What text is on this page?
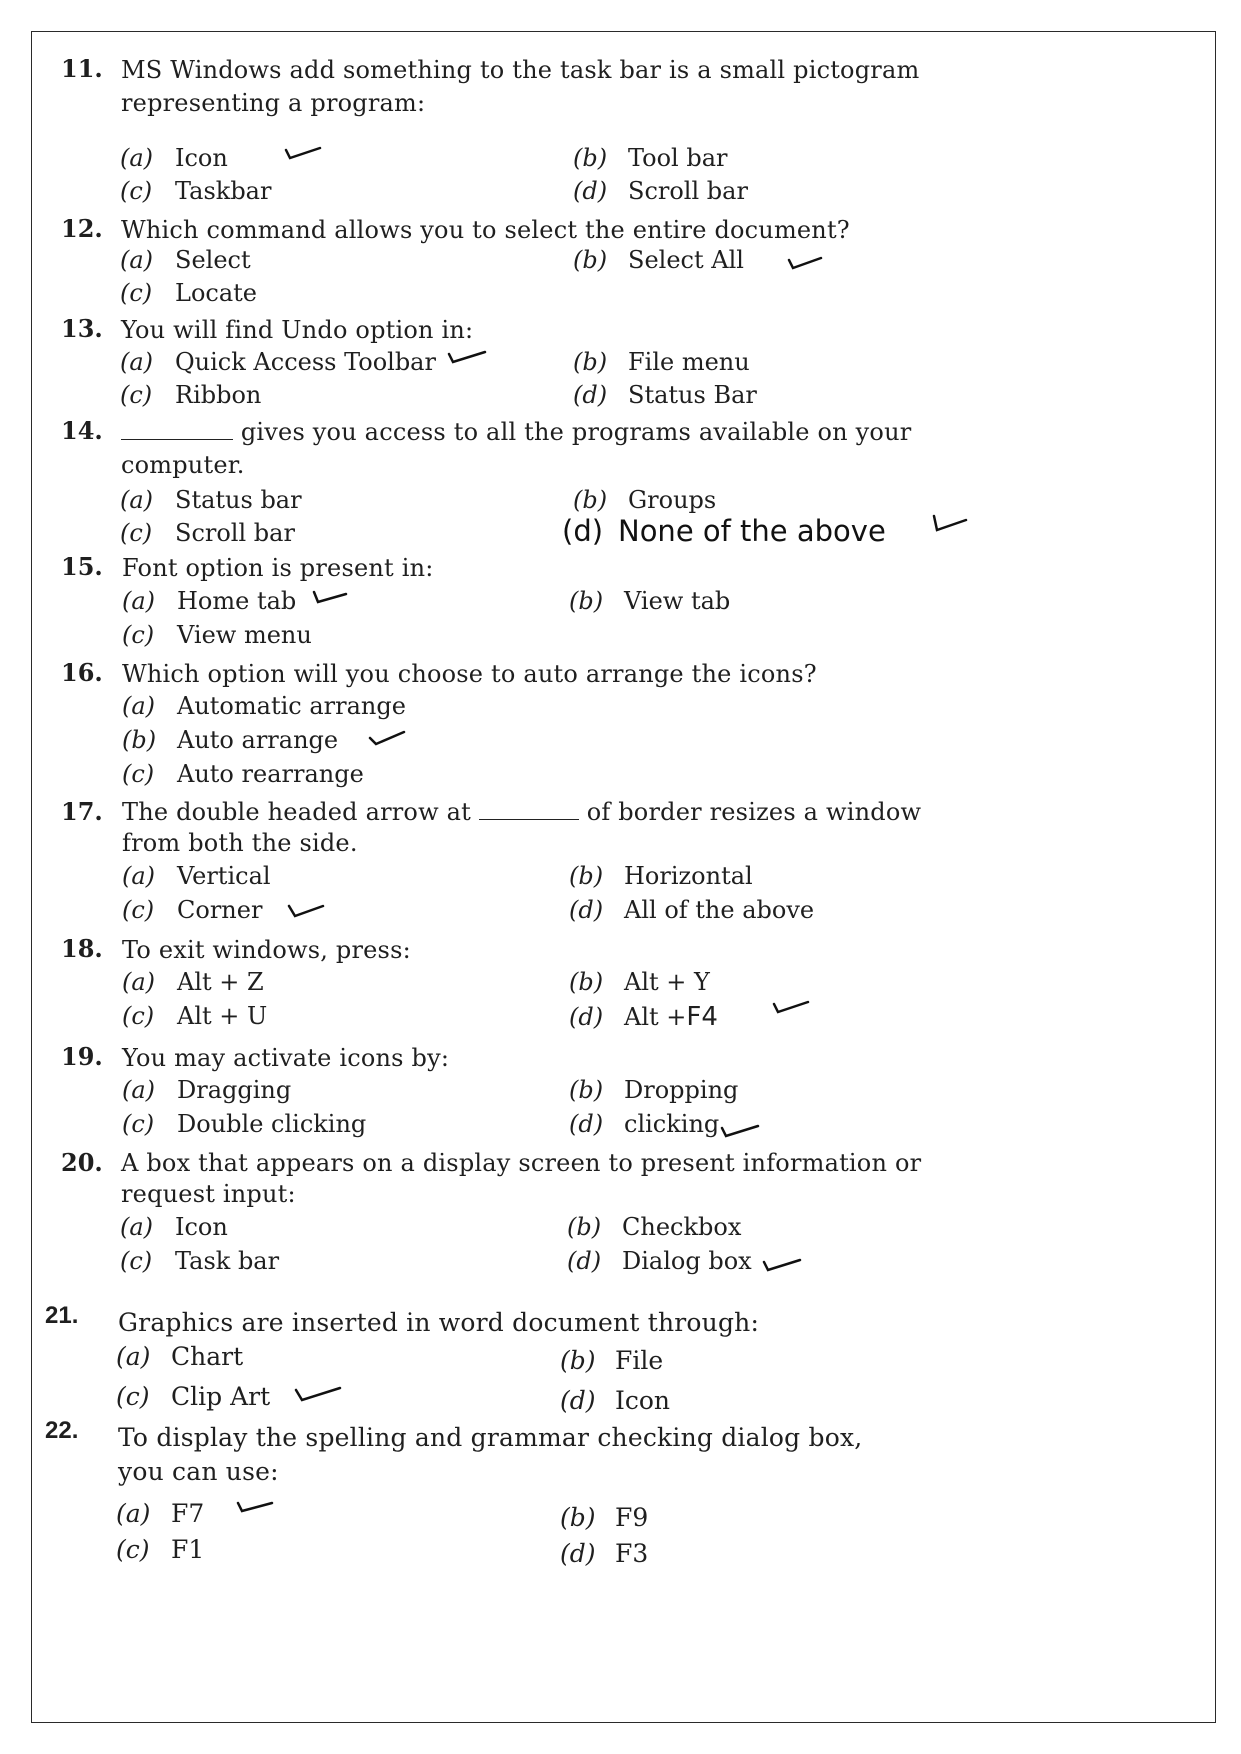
11. MS Windows add something to the task bar is a small pictogram representing a program:
(a) Icon	(b) Tool bar
(c) Taskbar	(d) Scroll bar
12. Which command allows you to select the entire document?
(a) Select	(b) Select All
(c) Locate
13. You will find Undo option in:
(a) Quick Access Toolbar	(b) File menu
(c) Ribbon	(d) Status Bar
14.	gives you access to all the programs available on your computer.
(a) Status bar	(b) Groups
(c) Scroll bar	(d) None of the above
15. Font option is present in:
(a) Home tab	(b) View tab
(c) View menu
16. Which option will you choose to auto arrange the icons?
(a) Automatic arrange
(b) Auto arrange
(c) Auto rearrange
17. The double headed arrow at	of border resizes a window from both the side.
(a) Vertical	(b) Horizontal
(c) Corner	(d) All of the above
18. To exit windows, press:
(a) Alt + Z	(b) Alt + Y
(c) Alt + U	(d) Alt +F4
19. You may activate icons by:
(a) Dragging	(b) Dropping
(c) Double clicking	(d) clicking
20. A box that appears on a display screen to present information or request input:
(a) Icon	(b) Checkbox
(c) Task bar	(d) Dialog box
21. Graphics are inserted in word document through:
(a) Chart	(b) File
(c) Clip Art	(d) Icon
22. To display the spelling and grammar checking dialog box, you can use:
(a) F7	(b) F9
(c) F1	(d) F3
